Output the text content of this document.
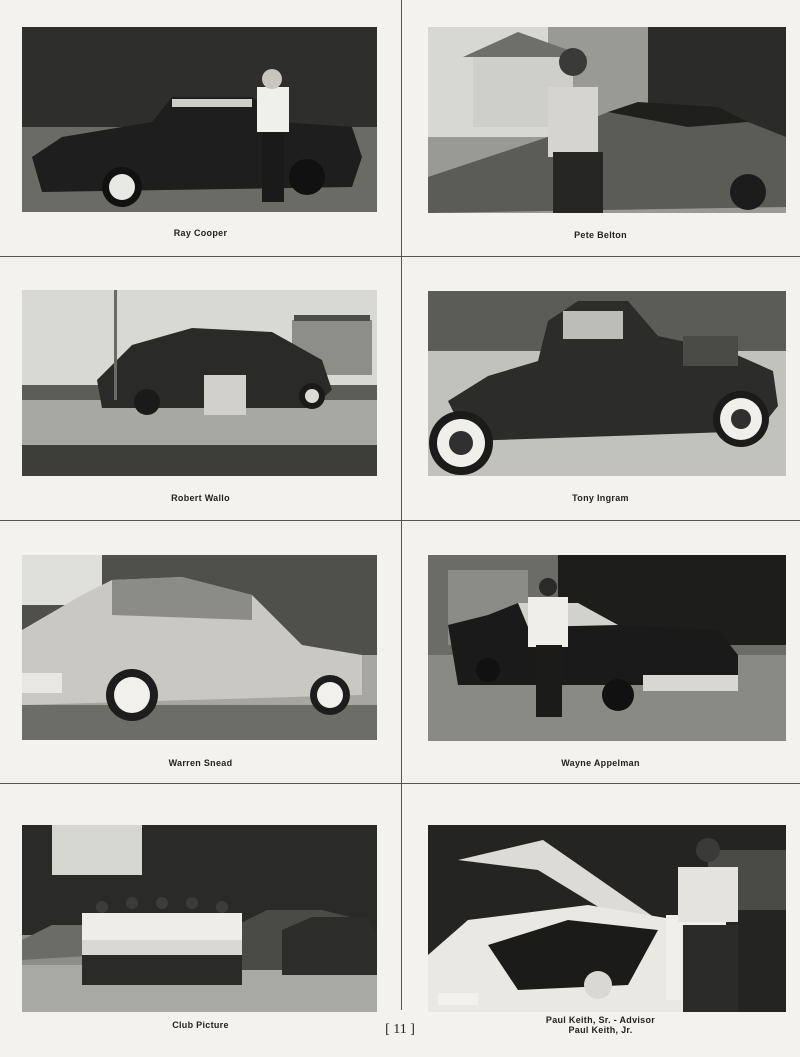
Ray Cooper	Pete Belton
Robert Wallo	Tony Ingram
Warren Snead	Wayne Appelman
Club Picture	Paul Keith, Sr. - Advisor
Paul Keith, Jr.
[ 11 ]
